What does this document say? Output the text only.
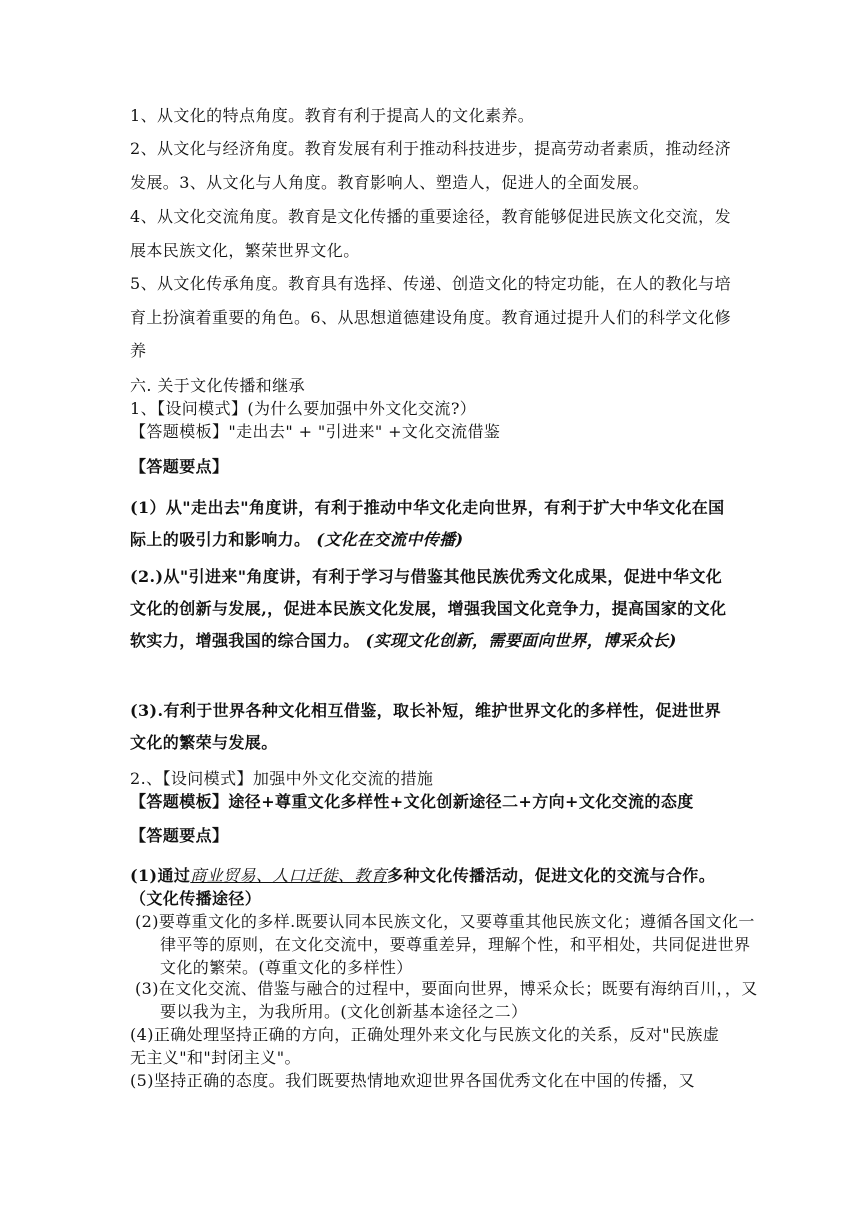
1、从文化的特点角度。教育有利于提高人的文化素养。

2、从文化与经济角度。教育发展有利于推动科技进步，提高劳动者素质，推动经济发展。3、从文化与人角度。教育影响人、塑造人，促进人的全面发展。

4、从文化交流角度。教育是文化传播的重要途径，教育能够促进民族文化交流，发展本民族文化，繁荣世界文化。

5、从文化传承角度。教育具有选择、传递、创造文化的特定功能，在人的教化与培育上扮演着重要的角色。6、从思想道德建设角度。教育通过提升人们的科学文化修养

六. 关于文化传播和继承

1、【设问模式】(为什么要加强中外文化交流?）

【答题模板】"走出去" + "引进来" +文化交流借鉴

【答题要点】

(1）从"走出去"角度讲，有利于推动中华文化走向世界，有利于扩大中华文化在国际上的吸引力和影响力。 (文化在交流中传播)

(2.)从"引进来"角度讲，有利于学习与借鉴其他民族优秀文化成果，促进中华文化文化的创新与发展,，促进本民族文化发展，增强我国文化竞争力，提高国家的文化软实力，增强我国的综合国力。 (实现文化创新，需要面向世界，博采众长)

(3).有利于世界各种文化相互借鉴，取长补短，维护世界文化的多样性，促进世界文化的繁荣与发展。

2.、【设问模式】加强中外文化交流的措施

【答题模板】途径+尊重文化多样性+文化创新途径二+方向+文化交流的态度

【答题要点】

(1)通过商业贸易、人口迁徙、教育多种文化传播活动，促进文化的交流与合作。（文化传播途径）

(2)要尊重文化的多样.既要认同本民族文化，又要尊重其他民族文化；遵循各国文化一律平等的原则，在文化交流中，要尊重差异，理解个性，和平相处，共同促进世界文化的繁荣。(尊重文化的多样性）

(3)在文化交流、借鉴与融合的过程中，要面向世界，博采众长；既要有海纳百川，，又要以我为主，为我所用。(文化创新基本途径之二）

(4)正确处理坚持正确的方向，正确处理外来文化与民族文化的关系，反对"民族虚无主义"和"封闭主义"。

(5)坚持正确的态度。我们既要热情地欢迎世界各国优秀文化在中国的传播，又
